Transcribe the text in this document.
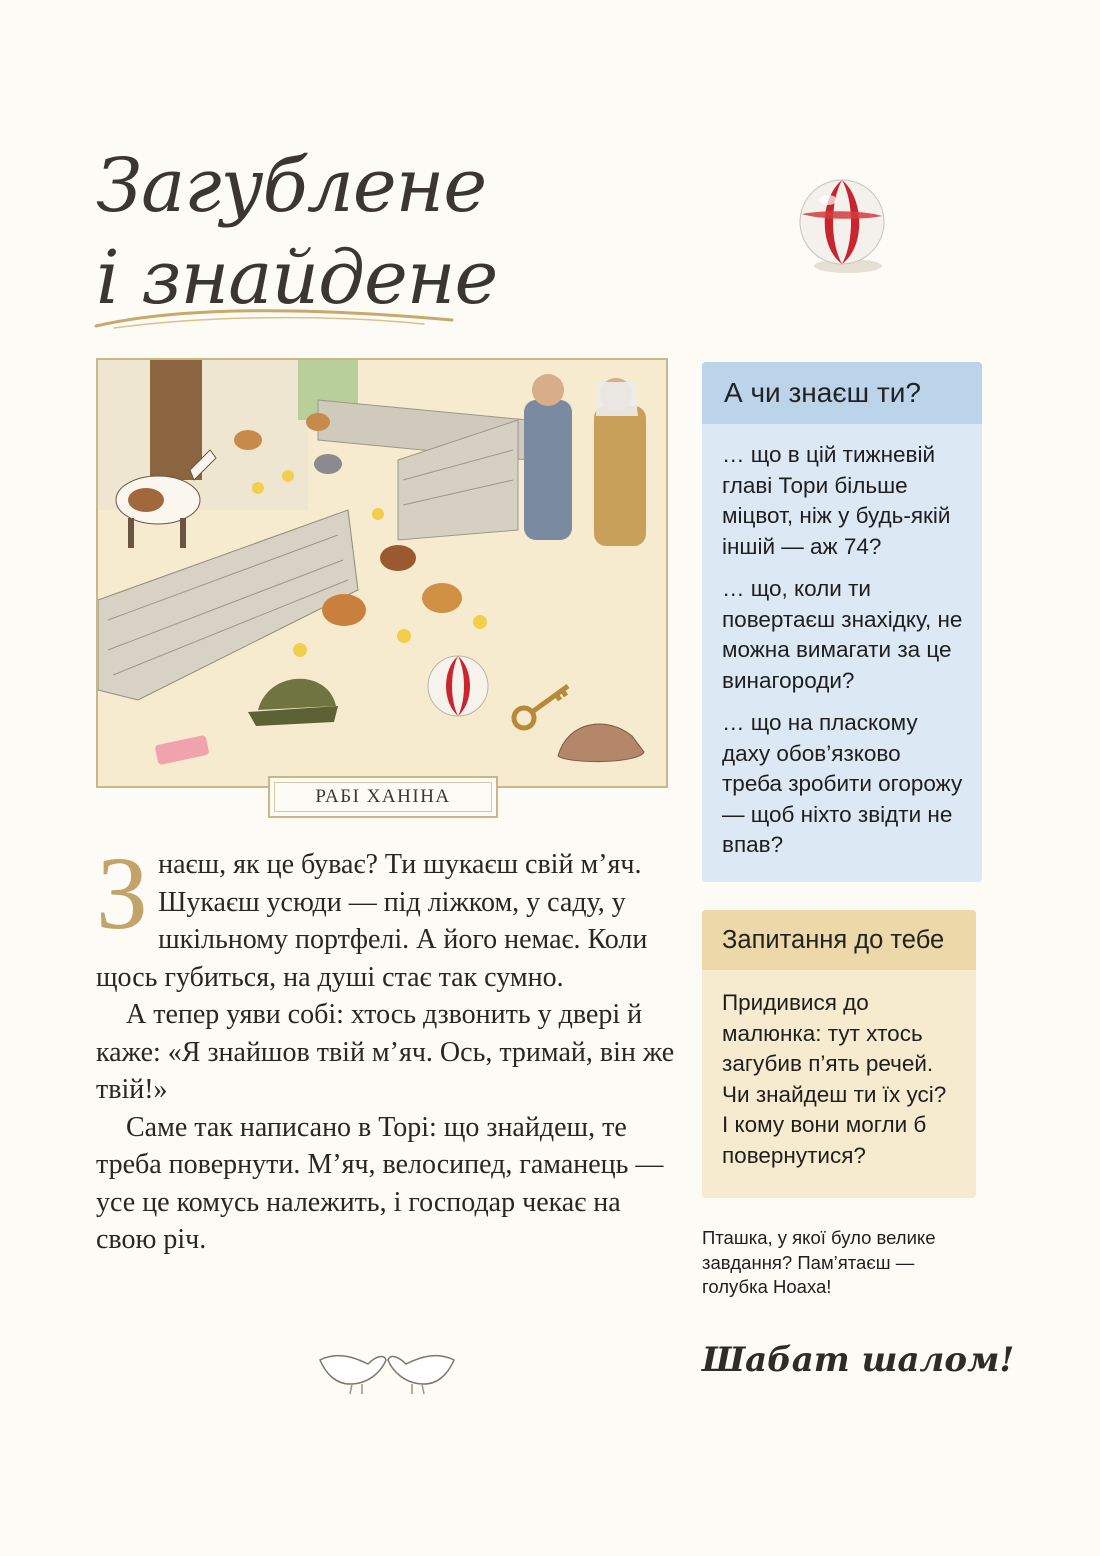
Загублене
і знайдене
РАБІ ХАНІНА

Знаєш, як це буває? Ти шукаєш свій м’яч. Шукаєш усюди — під ліжком, у саду, у шкільному портфелі. А його немає. Коли щось губиться, на душі стає так сумно.

А тепер уяви собі: хтось дзвонить у двері й каже: «Я знайшов твій м’яч. Ось, тримай, він же твій!»

Саме так написано в Торі: що знайдеш, те треба повернути. М’яч, велосипед, гаманець — усе це комусь належить, і господар чекає на свою річ.

А чи знаєш ти?

… що в цій тижневій главі Тори більше міцвот, ніж у будь-якій іншій — аж 74?

… що, коли ти повертаєш знахідку, не можна вимагати за це винагороди?

… що на пласкому даху обов’язково треба зробити огорожу — щоб ніхто звідти не впав?

Запитання до тебе
Придивися до малюнка: тут хтось загубив п’ять речей. Чи знайдеш ти їх усі? І кому вони могли б повернутися?
Пташка, у якої було велике завдання? Пам’ятаєш — голубка Ноаха!
Шабат шалом!
